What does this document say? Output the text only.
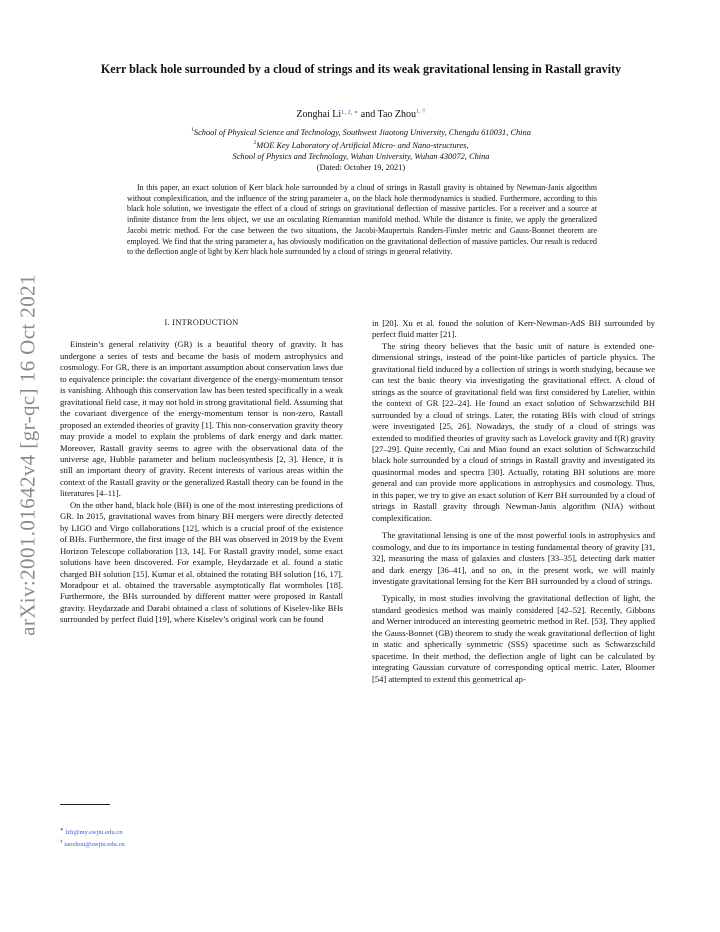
arXiv:2001.01642v4 [gr-qc] 16 Oct 2021
Kerr black hole surrounded by a cloud of strings and its weak gravitational lensing in Rastall gravity
Zonghai $Li^{1, 2, ∗}$ and Tao Zhou$^{1, \dagger}$
$^1$School of Physical Science and Technology, Southwest Jiaotong University, Chengdu 610031, China
$^2$MOE Key Laboratory of Artificial Micro- and Nano-structures,
School of Physics and Technology, Wuhan University, Wuhan 430072, China
(Dated: October 19, 2021)

In this paper, an exact solution of Kerr black hole surrounded by a cloud of strings in Rastall gravity is obtained by Newman-Janis algorithm without complexification, and the influence of the string parameter a₀ on the black hole thermodynamics is studied. Furthermore, according to this black hole solution, we investigate the effect of a cloud of strings on gravitational deflection of massive particles. For a receiver and a source at infinite distance from the lens object, we use an osculating Riemannian manifold method. While the distance is finite, we apply the generalized Jacobi metric method. For the case between the two situations, the Jacobi-Maupertuis Randers-Finsler metric and Gauss-Bonnet theorem are employed. We find that the string parameter a₀ has obviously modification on the gravitational deflection of massive particles. Our result is reduced to the deflection angle of light by Kerr black hole surrounded by a cloud of strings in general relativity.

I. INTRODUCTION

Einstein’s general relativity (GR) is a beautiful theory of gravity. It has undergone a series of tests and became the basis of modern astrophysics and cosmology. For GR, there is an important assumption about conservation laws due to equivalence principle: the covariant divergence of the energy-momentum tensor is vanishing. Although this conservation law has been tested specifically in a weak gravitational field case, it may not hold in strong gravitational field. Assuming that the covariant divergence of the energy-momentum tensor is non-zero, Rastall proposed an extended theories of gravity [1]. This non-conservation gravity theory may provide a model to explain the problems of dark energy and dark matter. Moreover, Rastall gravity seems to agree with the observational data of the universe age, Hubble parameter and helium nucleosynthesis [2, 3]. Hence, it is still an important theory of gravity. Recent interests of various areas within the context of the Rastall gravity or the generalized Rastall theory can be found in the literatures [4–11].

On the other hand, black hole (BH) is one of the most interesting predictions of GR. In 2015, gravitational waves from binary BH mergers were directly detected by LIGO and Virgo collaborations [12], which is a crucial proof of the existence of BHs. Furthermore, the first image of the BH was observed in 2019 by the Event Horizon Telescope collaboration [13, 14]. For Rastall gravity model, some exact solutions have been discovered. For example, Heydarzade et al. found a static charged BH solution [15]. Kumar et al. obtained the rotating BH solution [16, 17]. Moradpour et al. obtained the traversable asymptotically flat wormholes [18]. Furthermore, the BHs surrounded by different matter were proposed in Rastall gravity. Heydarzade and Darabi obtained a class of solutions of Kiselev-like BHs surrounded by perfect fluid [19], where Kiselev’s original work can be found

in [20]. Xu et al. found the solution of Kerr-Newman-AdS BH surrounded by perfect fluid matter [21].

The string theory believes that the basic unit of nature is extended one-dimensional strings, instead of the point-like particles of particle physics. The gravitational field induced by a collection of strings is worth studying, because we can test the basic theory via investigating the gravitational effect. A cloud of strings as the source of gravitational field was first considered by Latelier, within the context of GR [22–24]. He found an exact solution of Schwarzschild BH surrounded by a cloud of strings. Later, the rotating BHs with cloud of strings were investigated [25, 26]. Nowadays, the study of a cloud of strings was extended to modified theories of gravity such as Lovelock gravity and f(R) gravity [27–29]. Quite recently, Cai and Miao found an exact solution of Schwarzschild black hole surrounded by a cloud of strings in Rastall gravity and investigated its quasinormal modes and spectra [30]. Actually, rotating BH solutions are more general and can provide more applications in astrophysics and cosmology. Thus, in this paper, we try to give an exact solution of Kerr BH surrounded by a cloud of strings in Rastall gravity through Newman-Janis algorithm (NJA) without complexification.

The gravitational lensing is one of the most powerful tools in astrophysics and cosmology, and due to its importance in testing fundamental theory of gravity [31, 32], measuring the mass of galaxies and clusters [33–35], detecting dark matter and dark energy [36–41], and so on, in the present work, we will mainly investigate gravitational lensing for the Kerr BH surrounded by a cloud of strings.

Typically, in most studies involving the gravitational deflection of light, the standard geodesics method was mainly considered [42–52]. Recently, Gibbons and Werner introduced an interesting geometric method in Ref. [53]. They applied the Gauss-Bonnet (GB) theorem to study the weak gravitational deflection of light in static and spherically symmetric (SSS) spacetime such as Schwarzschild spacetime. In their method, the deflection angle of light can be calculated by integrating Gaussian curvature of corresponding optical metric. Later, Bloomer [54] attempted to extend this geometrical ap-

∗ lzh@my.swjtu.edu.cn
† taozhou@swjtu.edu.cn
